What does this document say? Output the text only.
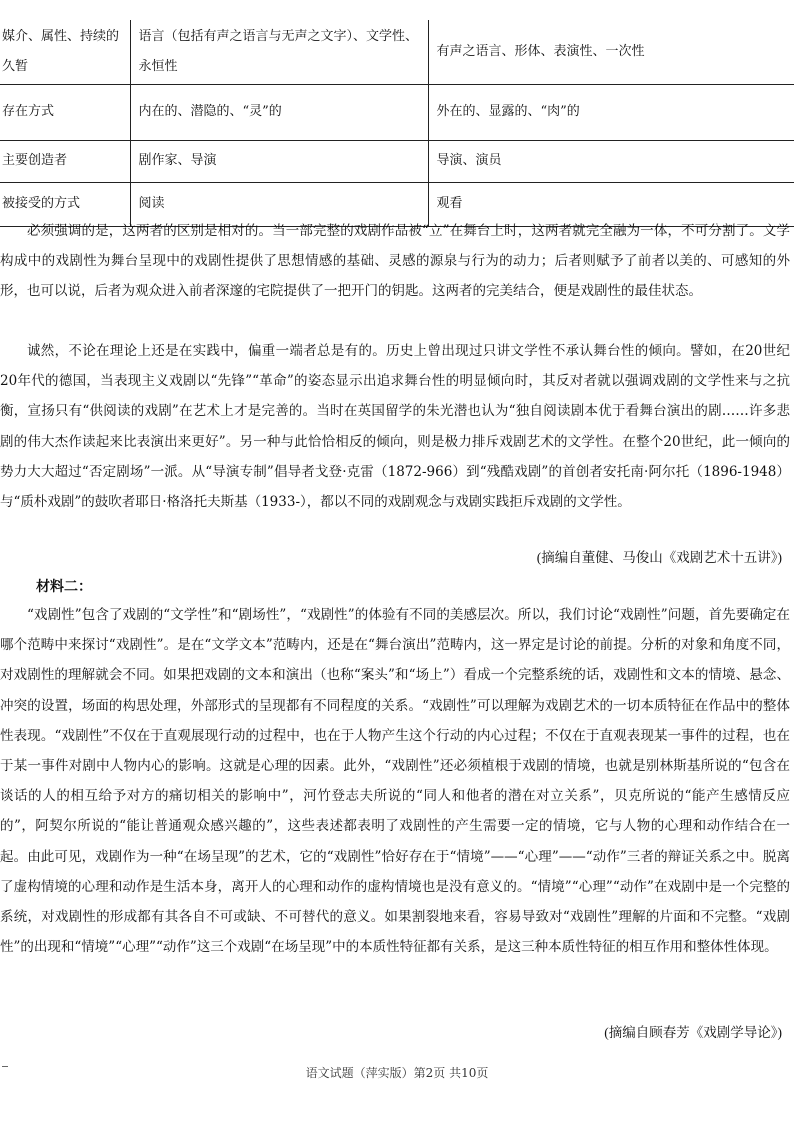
媒介、属性、持续的久暂	语言（包括有声之语言与无声之文字）、文学性、永恒性	有声之语言、形体、表演性、一次性
存在方式	内在的、潜隐的、“灵”的	外在的、显露的、“肉”的
主要创造者	剧作家、导演	导演、演员
被接受的方式	阅读	观看

必须强调的是，这两者的区别是相对的。当一部完整的戏剧作品被“立”在舞台上时，这两者就完全融为一体，不可分割了。文学构成中的戏剧性为舞台呈现中的戏剧性提供了思想情感的基础、灵感的源泉与行为的动力；后者则赋予了前者以美的、可感知的外形，也可以说，后者为观众进入前者深邃的宅院提供了一把开门的钥匙。这两者的完美结合，便是戏剧性的最佳状态。

诚然，不论在理论上还是在实践中，偏重一端者总是有的。历史上曾出现过只讲文学性不承认舞台性的倾向。譬如，在20世纪20年代的德国，当表现主义戏剧以“先锋”“革命”的姿态显示出追求舞台性的明显倾向时，其反对者就以强调戏剧的文学性来与之抗衡，宣扬只有“供阅读的戏剧”在艺术上才是完善的。当时在英国留学的朱光潜也认为“独自阅读剧本优于看舞台演出的剧……许多悲剧的伟大杰作读起来比表演出来更好”。另一种与此恰恰相反的倾向，则是极力排斥戏剧艺术的文学性。在整个20世纪，此一倾向的势力大大超过“否定剧场”一派。从“导演专制”倡导者戈登·克雷（1872-966）到“残酷戏剧”的首创者安托南·阿尔托（1896-1948）与“质朴戏剧”的鼓吹者耶日·格洛托夫斯基（1933-），都以不同的戏剧观念与戏剧实践拒斥戏剧的文学性。

(摘编自董健、马俊山《戏剧艺术十五讲》)
材料二：

“戏剧性”包含了戏剧的“文学性”和“剧场性”，“戏剧性”的体验有不同的美感层次。所以，我们讨论“戏剧性”问题，首先要确定在哪个范畴中来探讨“戏剧性”。是在“文学文本”范畴内，还是在“舞台演出”范畴内，这一界定是讨论的前提。分析的对象和角度不同，对戏剧性的理解就会不同。如果把戏剧的文本和演出（也称“案头”和“场上”）看成一个完整系统的话，戏剧性和文本的情境、悬念、冲突的设置，场面的构思处理，外部形式的呈现都有不同程度的关系。“戏剧性”可以理解为戏剧艺术的一切本质特征在作品中的整体性表现。“戏剧性”不仅在于直观展现行动的过程中，也在于人物产生这个行动的内心过程；不仅在于直观表现某一事件的过程，也在于某一事件对剧中人物内心的影响。这就是心理的因素。此外，“戏剧性”还必须植根于戏剧的情境，也就是别林斯基所说的“包含在谈话的人的相互给予对方的痛切相关的影响中”，河竹登志夫所说的“同人和他者的潜在对立关系”，贝克所说的“能产生感情反应的”，阿契尔所说的“能让普通观众感兴趣的”，这些表述都表明了戏剧性的产生需要一定的情境，它与人物的心理和动作结合在一起。由此可见，戏剧作为一种“在场呈现”的艺术，它的“戏剧性”恰好存在于“情境”——“心理”——“动作”三者的辩证关系之中。脱离了虚构情境的心理和动作是生活本身，离开人的心理和动作的虚构情境也是没有意义的。“情境”“心理”“动作”在戏剧中是一个完整的系统，对戏剧性的形成都有其各自不可或缺、不可替代的意义。如果割裂地来看，容易导致对“戏剧性”理解的片面和不完整。“戏剧性”的出现和“情境”“心理”“动作”这三个戏剧“在场呈现”中的本质性特征都有关系，是这三种本质性特征的相互作用和整体性体现。

(摘编自顾春芳《戏剧学导论》)
语文试题（萍实版）第2页 共10页
